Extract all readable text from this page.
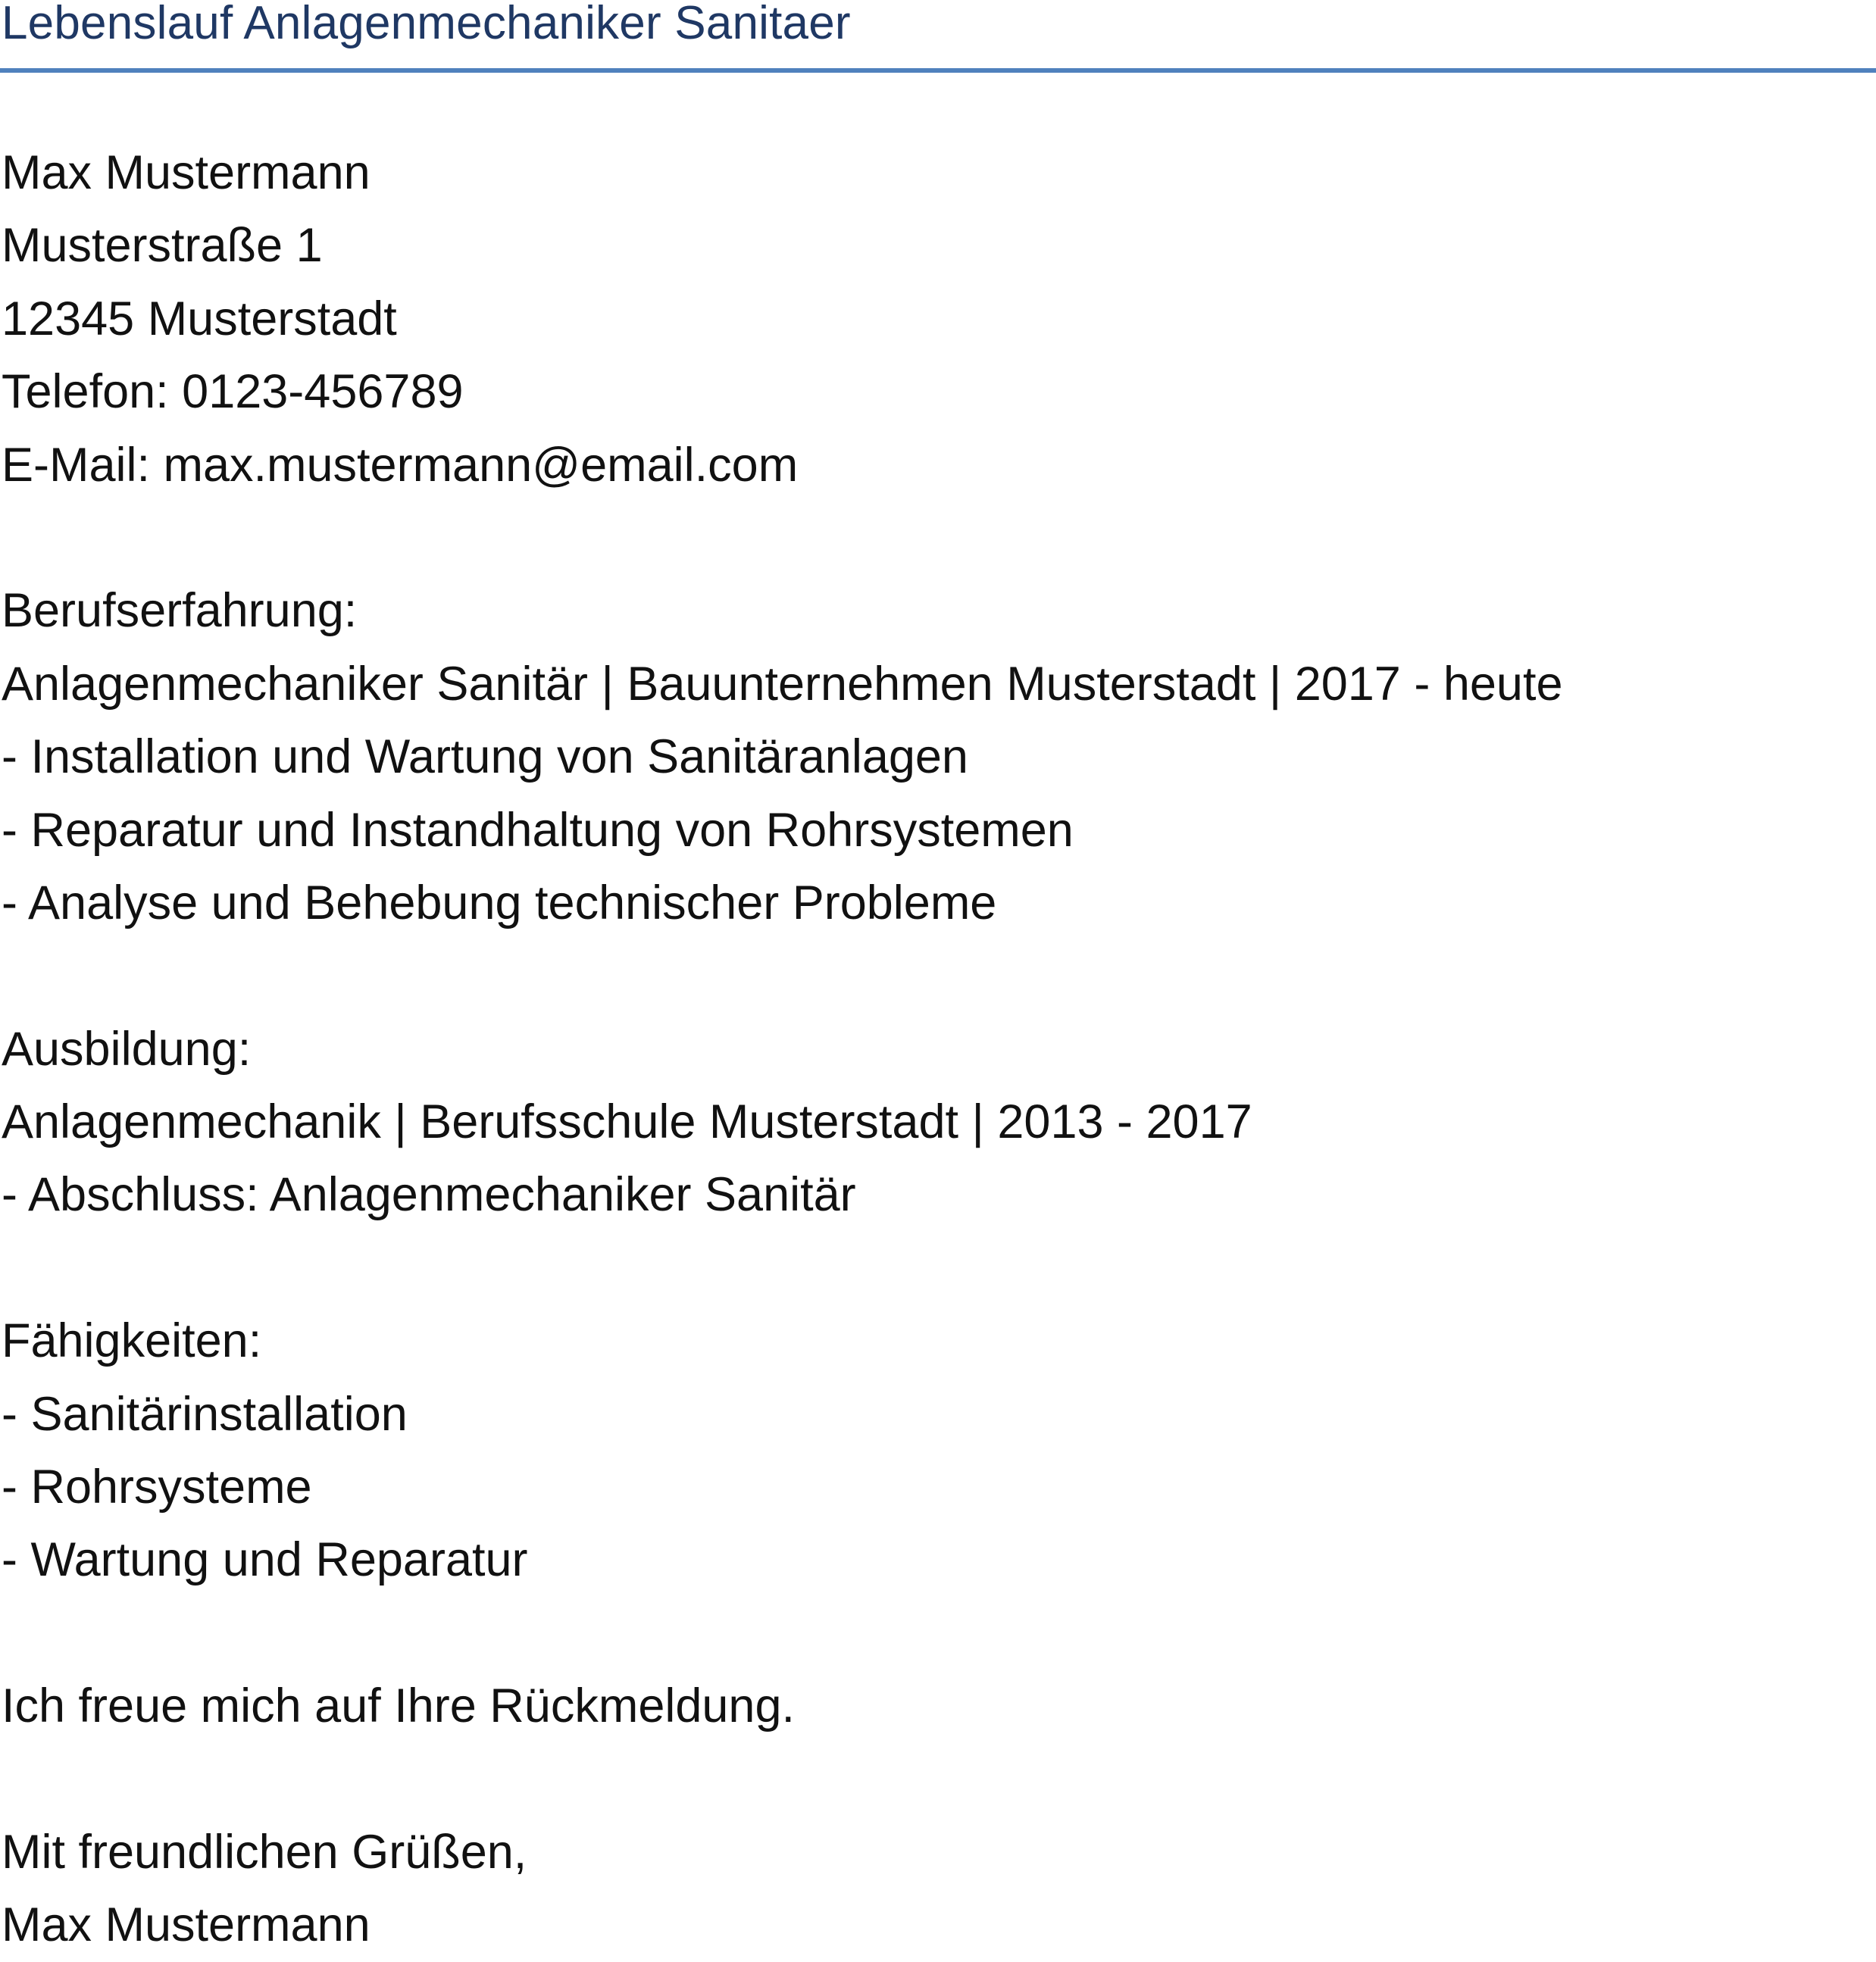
Lebenslauf Anlagenmechaniker Sanitaer
Max Mustermann
Musterstraße 1
12345 Musterstadt
Telefon: 0123-456789
E-Mail: max.mustermann@email.com
Berufserfahrung:
Anlagenmechaniker Sanitär | Bauunternehmen Musterstadt | 2017 - heute
- Installation und Wartung von Sanitäranlagen
- Reparatur und Instandhaltung von Rohrsystemen
- Analyse und Behebung technischer Probleme
Ausbildung:
Anlagenmechanik | Berufsschule Musterstadt | 2013 - 2017
- Abschluss: Anlagenmechaniker Sanitär
Fähigkeiten:
- Sanitärinstallation
- Rohrsysteme
- Wartung und Reparatur
Ich freue mich auf Ihre Rückmeldung.
Mit freundlichen Grüßen,
Max Mustermann
